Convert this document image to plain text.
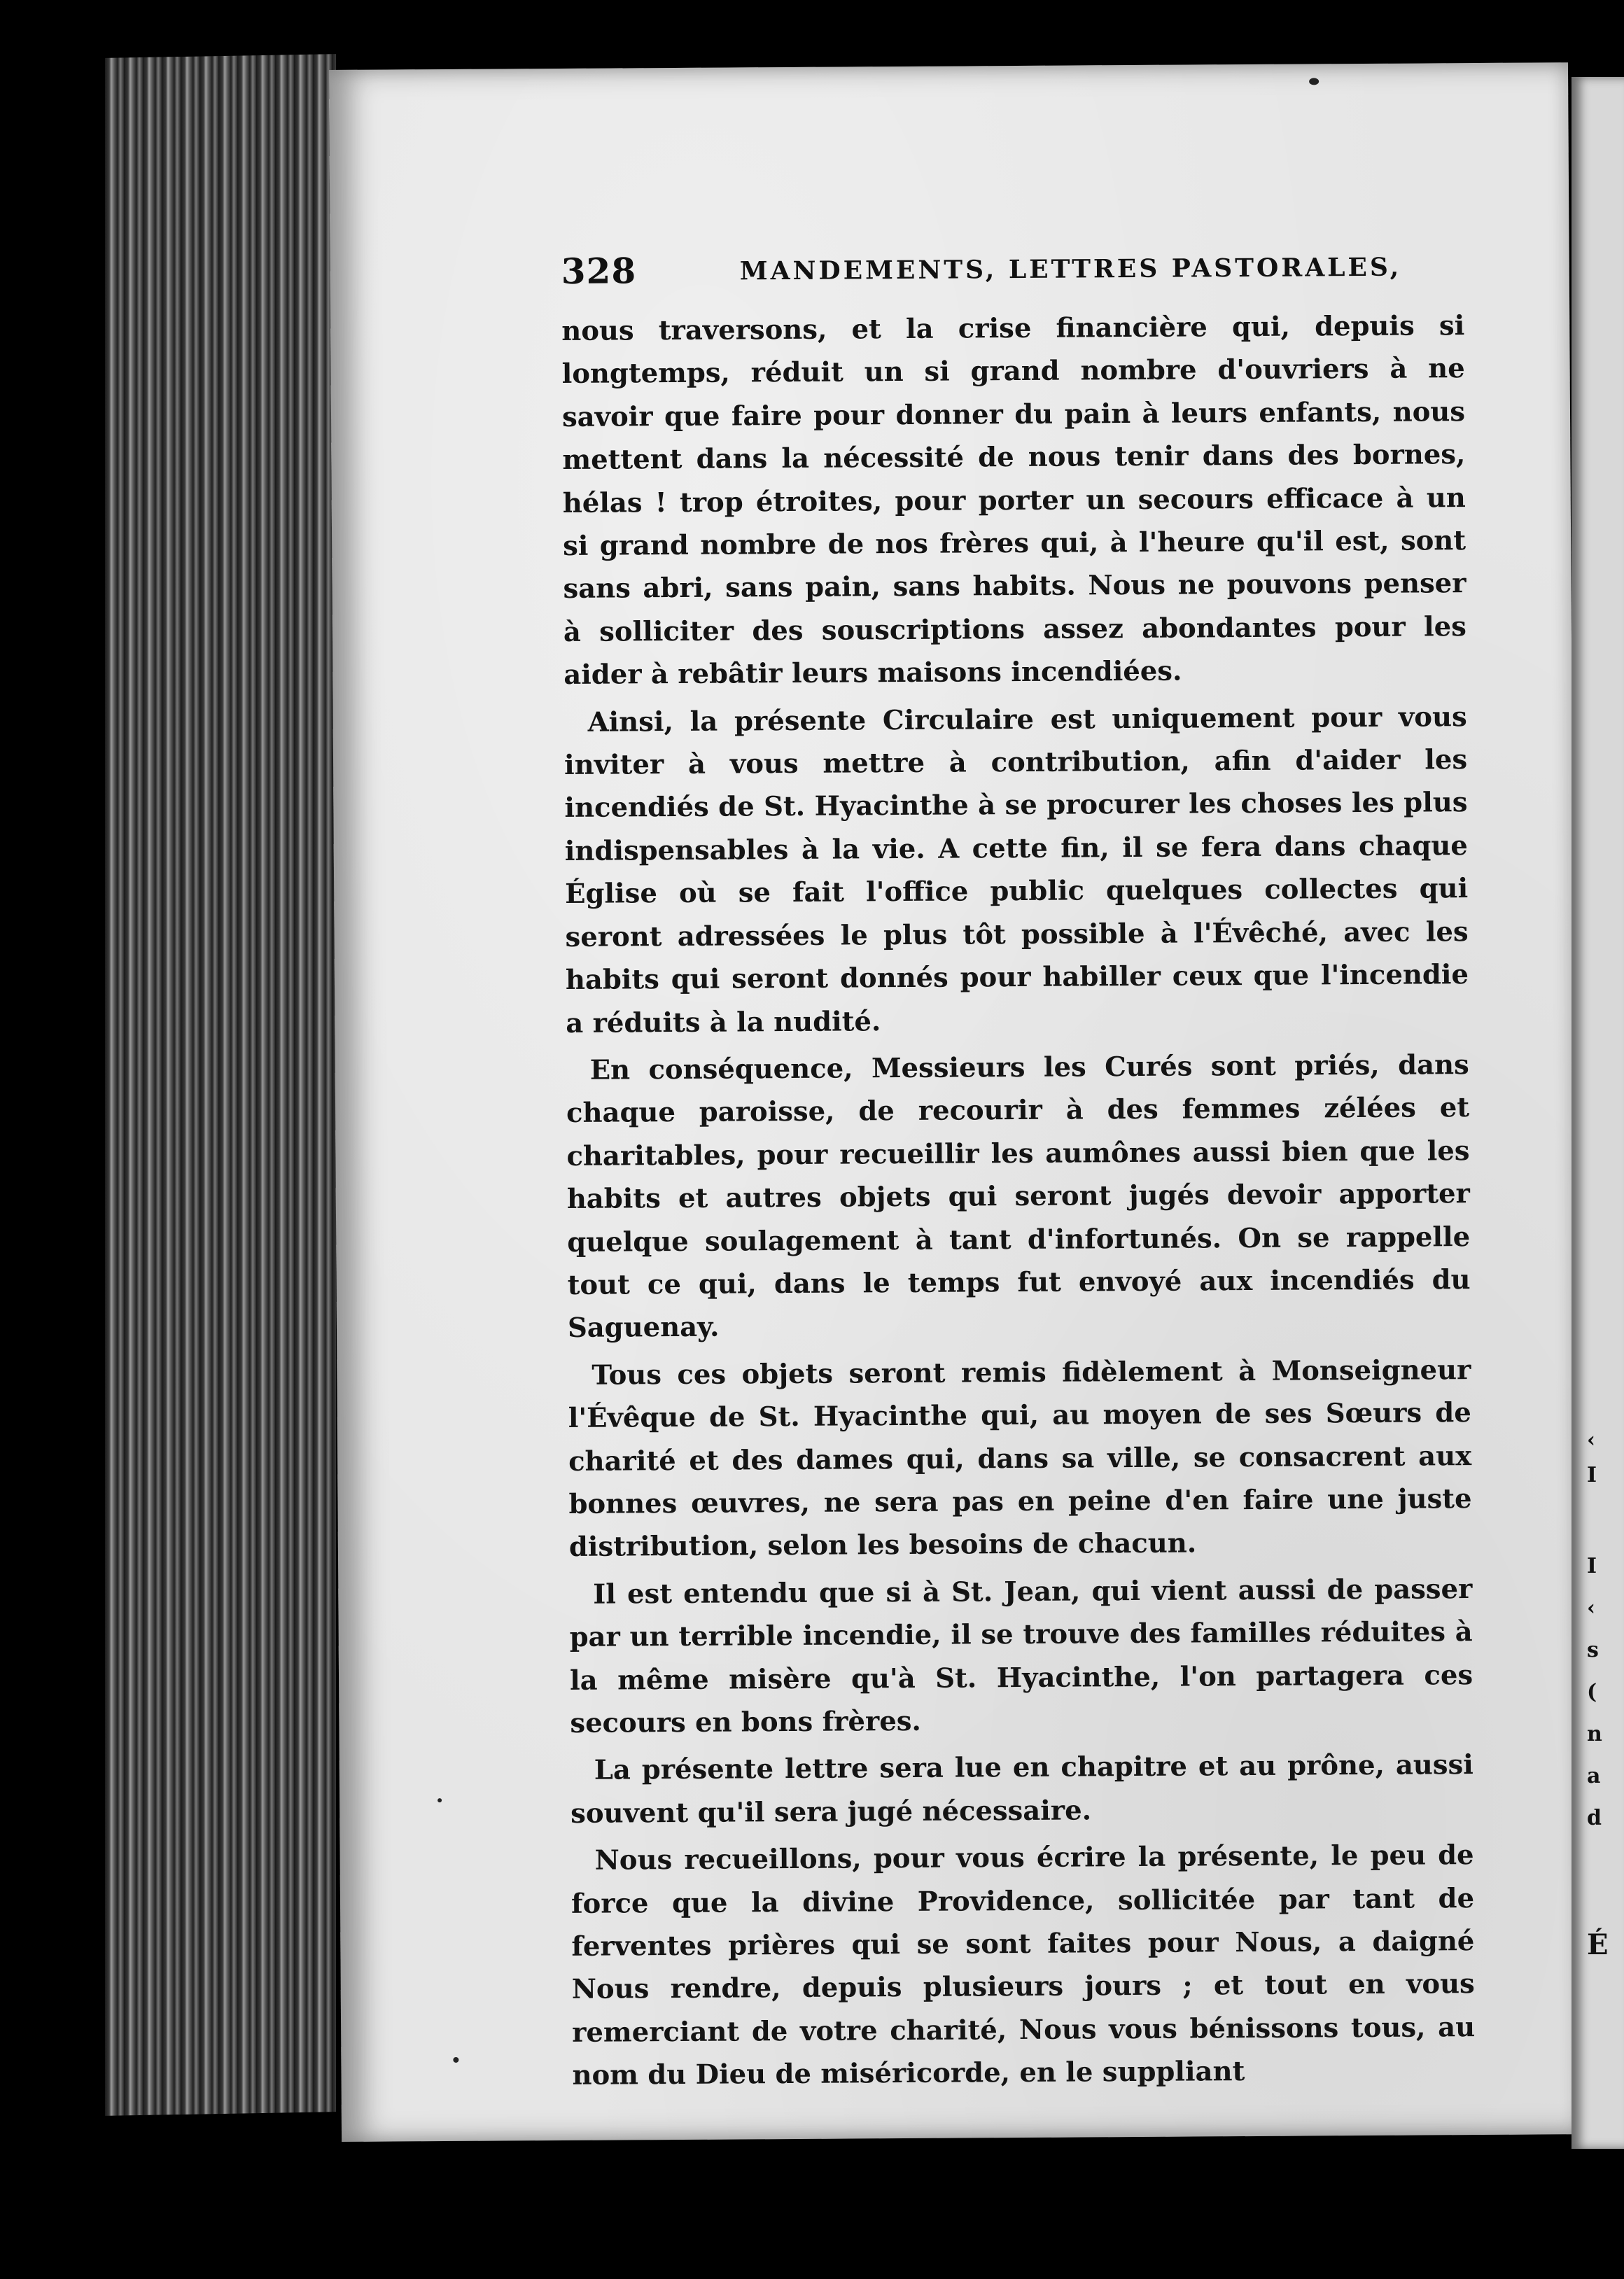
328	MANDEMENTS, LETTRES PASTORALES,

nous traversons, et la crise financière qui, depuis si longtemps, réduit un si grand nombre d'ouvriers à ne savoir que faire pour donner du pain à leurs enfants, nous mettent dans la nécessité de nous tenir dans des bornes, hélas ! trop étroites, pour porter un secours efficace à un si grand nombre de nos frères qui, à l'heure qu'il est, sont sans abri, sans pain, sans habits. Nous ne pouvons penser à solliciter des souscriptions assez abondantes pour les aider à rebâtir leurs maisons incendiées.

Ainsi, la présente Circulaire est uniquement pour vous inviter à vous mettre à contribution, afin d'aider les incendiés de St. Hyacinthe à se procurer les choses les plus indispensables à la vie. A cette fin, il se fera dans chaque Église où se fait l'office public quelques collectes qui seront adressées le plus tôt possible à l'Évêché, avec les habits qui seront donnés pour habiller ceux que l'incendie a réduits à la nudité.

En conséquence, Messieurs les Curés sont priés, dans chaque paroisse, de recourir à des femmes zélées et charitables, pour recueillir les aumônes aussi bien que les habits et autres objets qui seront jugés devoir apporter quelque soulagement à tant d'infortunés. On se rappelle tout ce qui, dans le temps fut envoyé aux incendiés du Saguenay.

Tous ces objets seront remis fidèlement à Monseigneur l'Évêque de St. Hyacinthe qui, au moyen de ses Sœurs de charité et des dames qui, dans sa ville, se consacrent aux bonnes œuvres, ne sera pas en peine d'en faire une juste distribution, selon les besoins de chacun.

Il est entendu que si à St. Jean, qui vient aussi de passer par un terrible incendie, il se trouve des familles réduites à la même misère qu'à St. Hyacinthe, l'on partagera ces secours en bons frères.

La présente lettre sera lue en chapitre et au prône, aussi souvent qu'il sera jugé nécessaire.

Nous recueillons, pour vous écrire la présente, le peu de force que la divine Providence, sollicitée par tant de ferventes prières qui se sont faites pour Nous, a daigné Nous rendre, depuis plusieurs jours ; et tout en vous remerciant de votre charité, Nous vous bénissons tous, au nom du Dieu de miséricorde, en le suppliant

‹
I
I
‹
s
(
n
a
d
É
